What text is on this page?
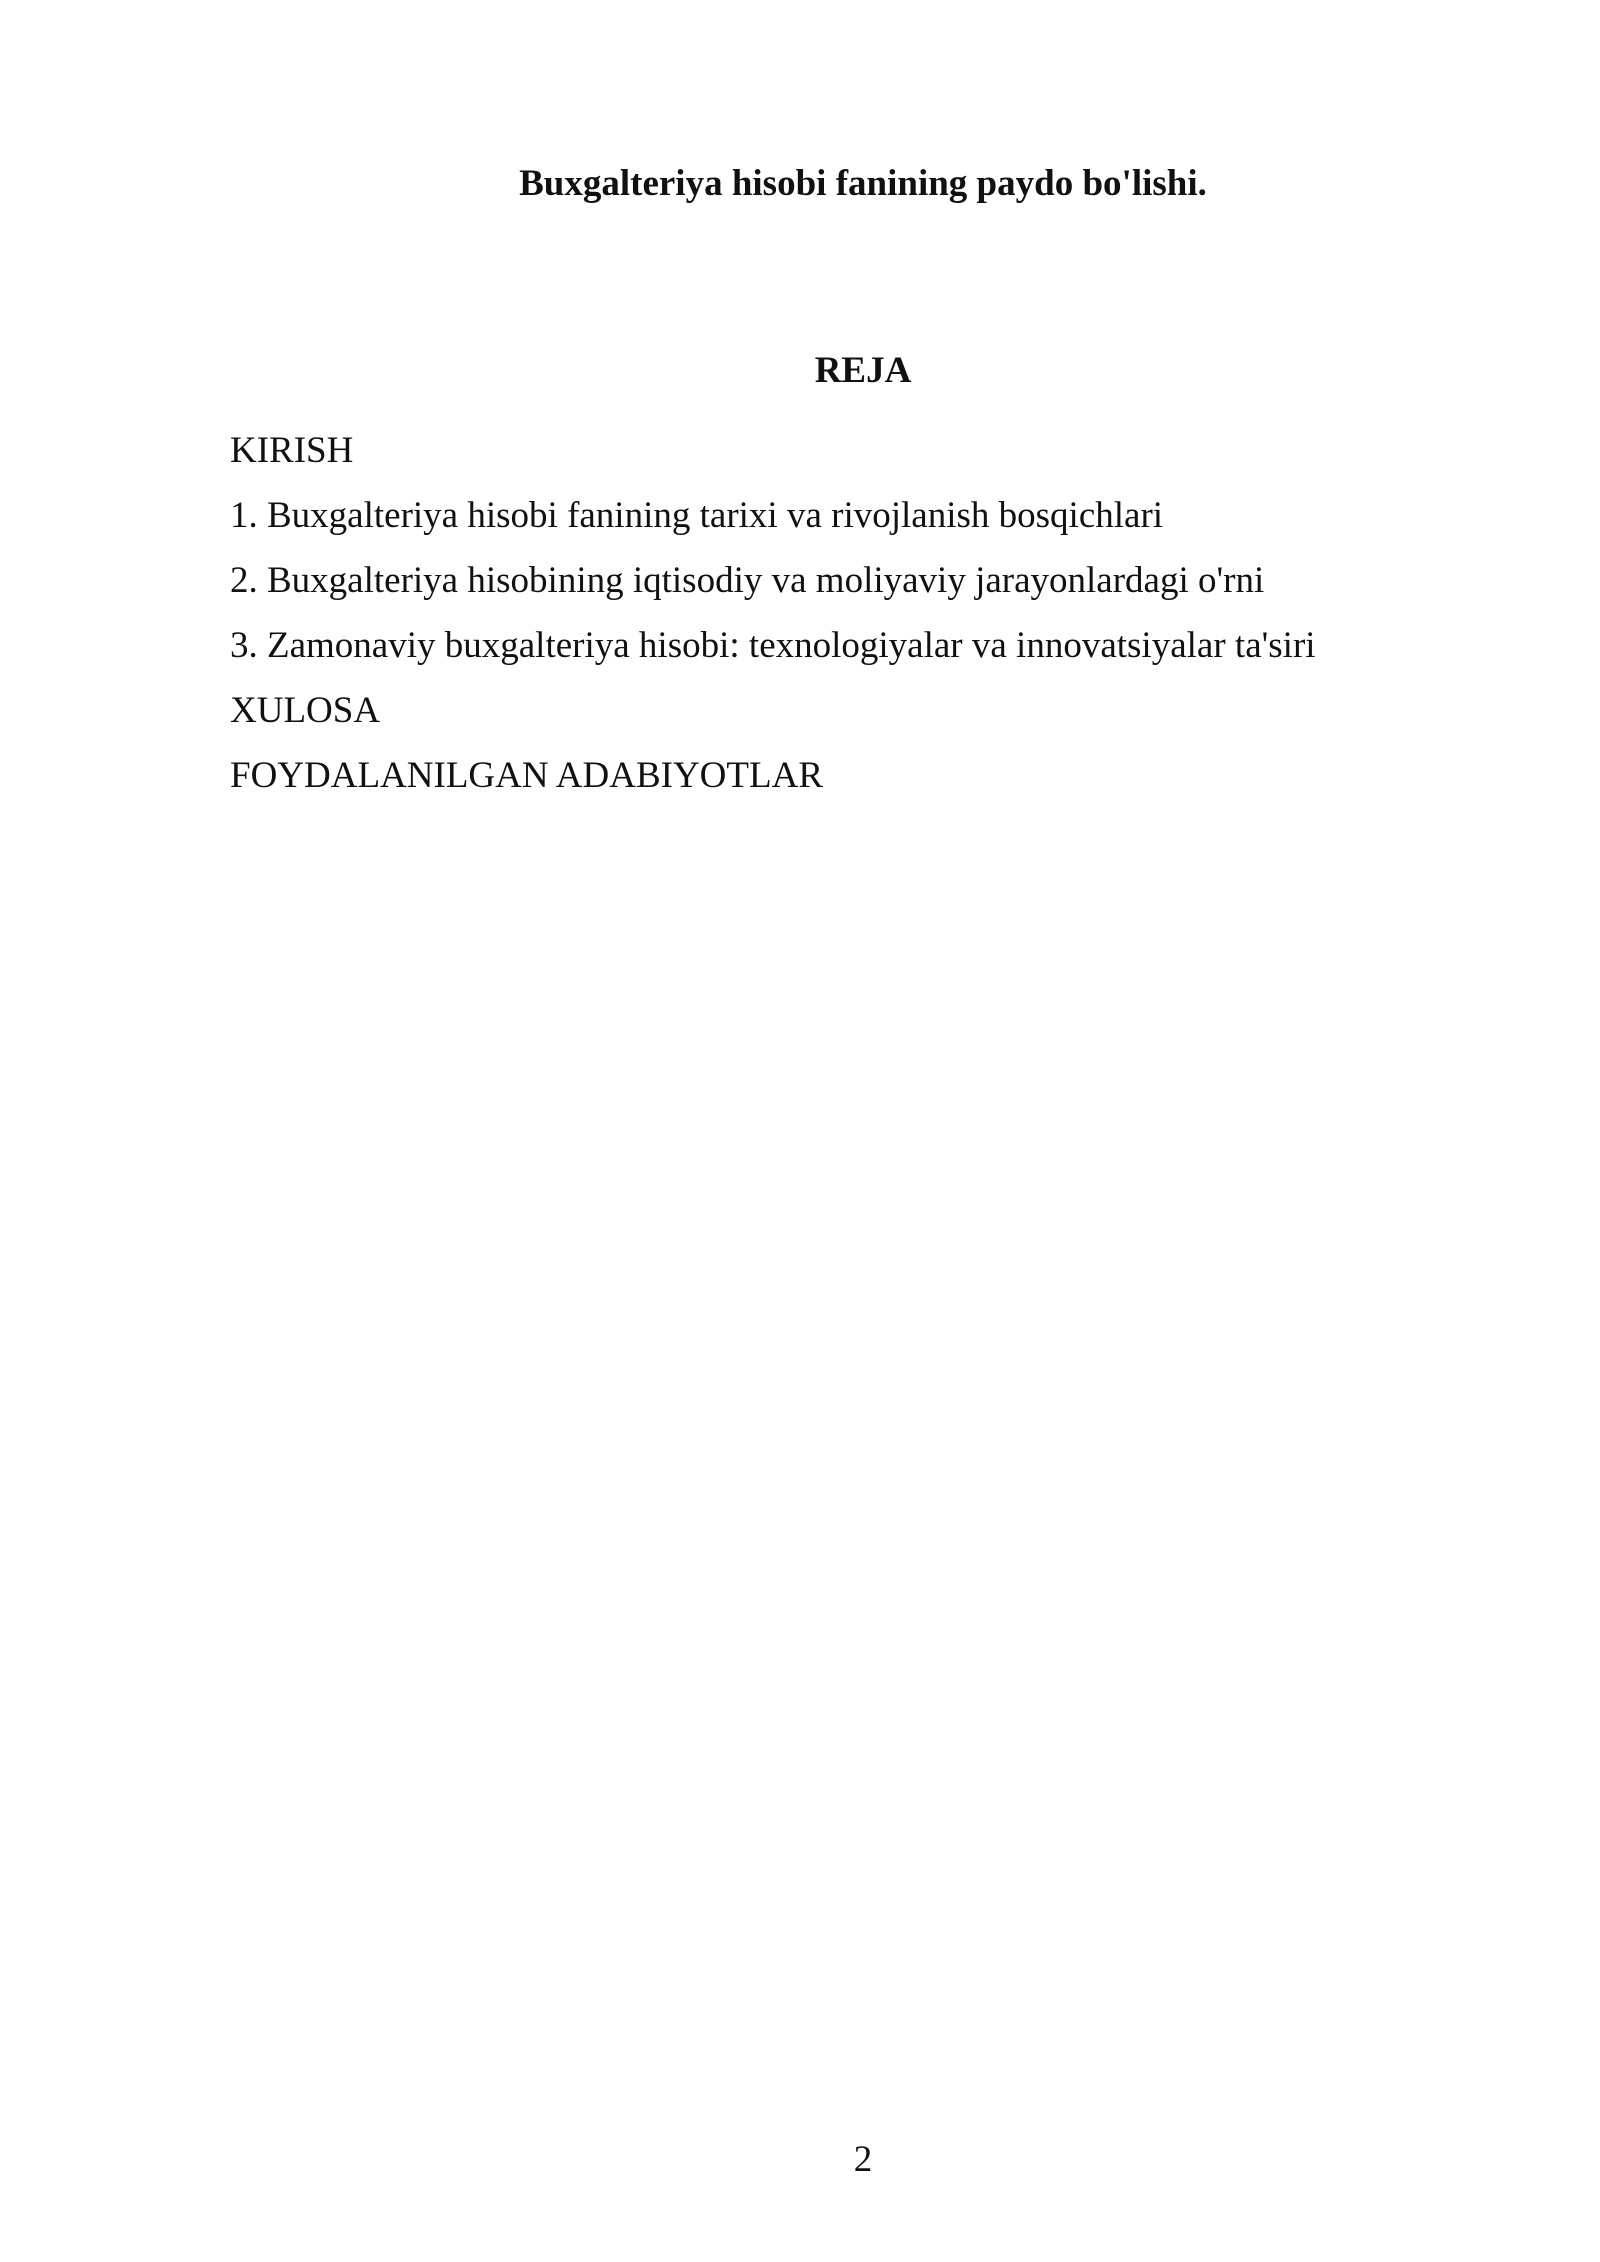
Buxgalteriya hisobi fanining paydo bo'lishi.
REJA
KIRISH
1. Buxgalteriya hisobi fanining tarixi va rivojlanish bosqichlari
2. Buxgalteriya hisobining iqtisodiy va moliyaviy jarayonlardagi o'rni
3. Zamonaviy buxgalteriya hisobi: texnologiyalar va innovatsiyalar ta'siri
XULOSA
FOYDALANILGAN ADABIYOTLAR
2
